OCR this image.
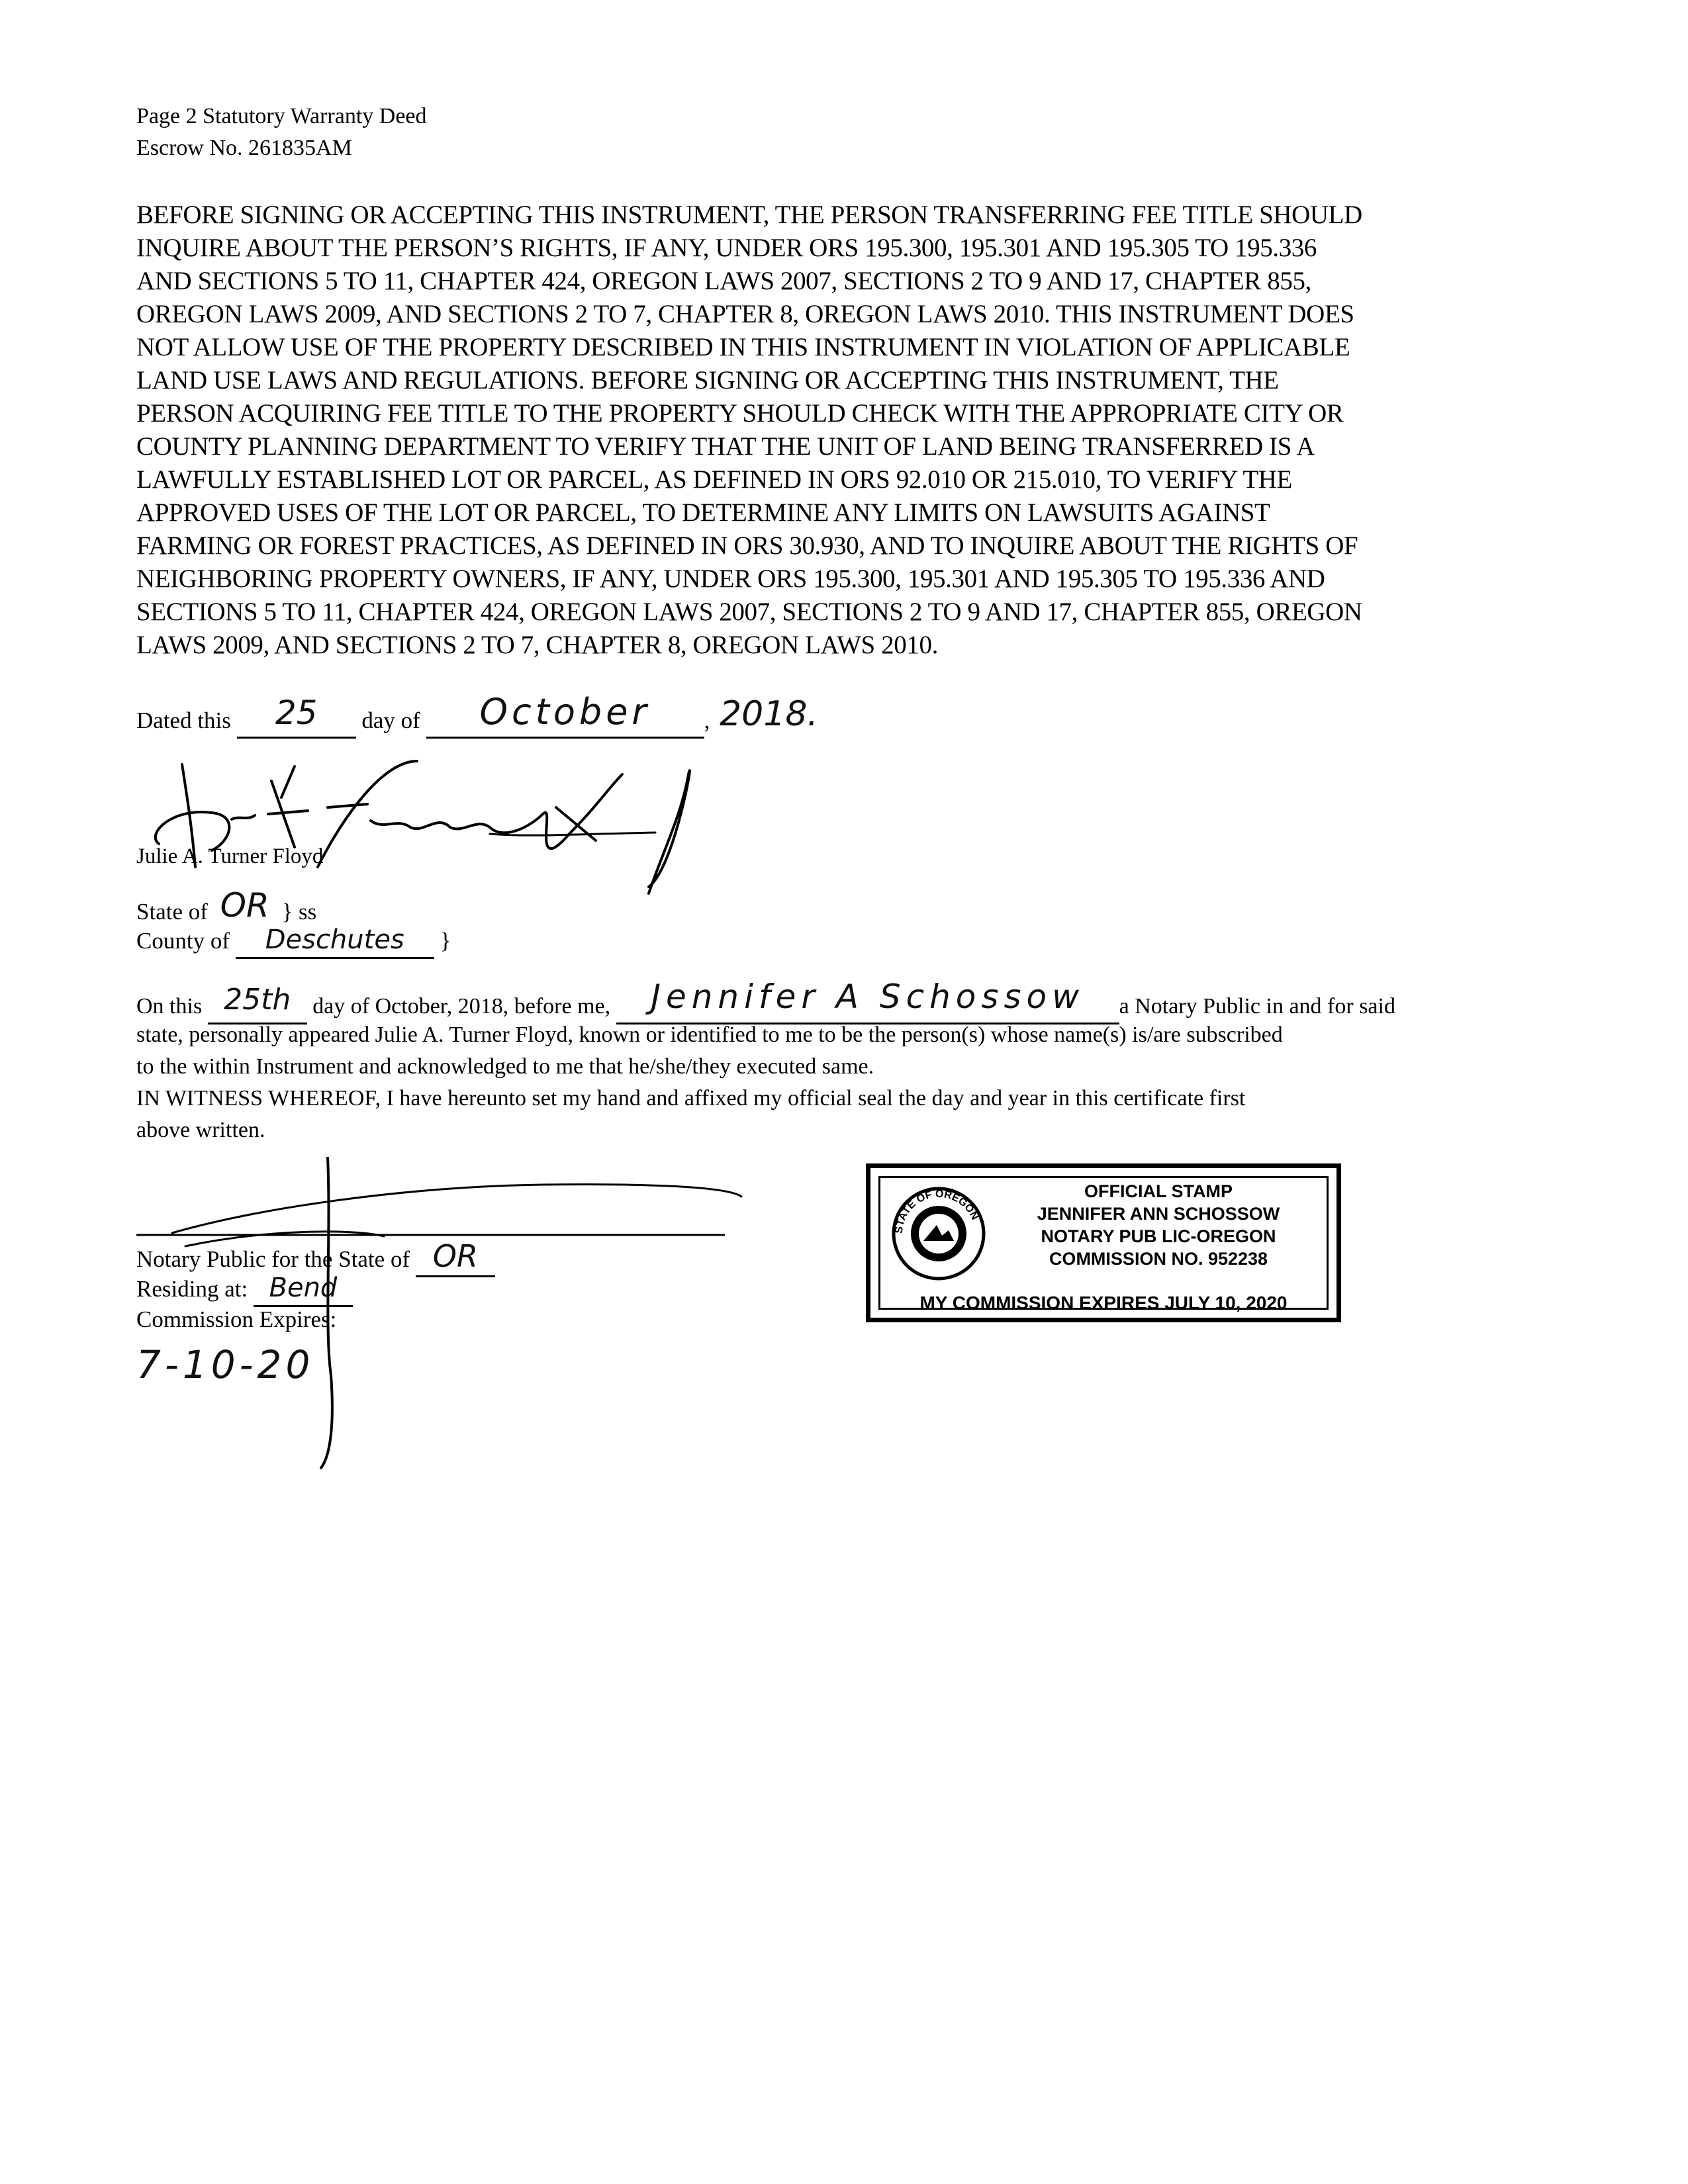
Page 2 Statutory Warranty Deed
Escrow No. 261835AM

BEFORE SIGNING OR ACCEPTING THIS INSTRUMENT, THE PERSON TRANSFERRING FEE TITLE SHOULD
INQUIRE ABOUT THE PERSON’S RIGHTS, IF ANY, UNDER ORS 195.300, 195.301 AND 195.305 TO 195.336
AND SECTIONS 5 TO 11, CHAPTER 424, OREGON LAWS 2007, SECTIONS 2 TO 9 AND 17, CHAPTER 855,
OREGON LAWS 2009, AND SECTIONS 2 TO 7, CHAPTER 8, OREGON LAWS 2010. THIS INSTRUMENT DOES
NOT ALLOW USE OF THE PROPERTY DESCRIBED IN THIS INSTRUMENT IN VIOLATION OF APPLICABLE
LAND USE LAWS AND REGULATIONS. BEFORE SIGNING OR ACCEPTING THIS INSTRUMENT, THE
PERSON ACQUIRING FEE TITLE TO THE PROPERTY SHOULD CHECK WITH THE APPROPRIATE CITY OR
COUNTY PLANNING DEPARTMENT TO VERIFY THAT THE UNIT OF LAND BEING TRANSFERRED IS A
LAWFULLY ESTABLISHED LOT OR PARCEL, AS DEFINED IN ORS 92.010 OR 215.010, TO VERIFY THE
APPROVED USES OF THE LOT OR PARCEL, TO DETERMINE ANY LIMITS ON LAWSUITS AGAINST
FARMING OR FOREST PRACTICES, AS DEFINED IN ORS 30.930, AND TO INQUIRE ABOUT THE RIGHTS OF
NEIGHBORING PROPERTY OWNERS, IF ANY, UNDER ORS 195.300, 195.301 AND 195.305 TO 195.336 AND
SECTIONS 5 TO 11, CHAPTER 424, OREGON LAWS 2007, SECTIONS 2 TO 9 AND 17, CHAPTER 855, OREGON
LAWS 2009, AND SECTIONS 2 TO 7, CHAPTER 8, OREGON LAWS 2010.

Dated this 25 day of October , 2018.
Julie A. Turner Floyd
State of OR } ss
County of Deschutes }
On this 25th day of October, 2018, before me, Jennifer A Schossow a Notary Public in and for said
state, personally appeared Julie A. Turner Floyd, known or identified to me to be the person(s) whose name(s) is/are subscribed
to the within Instrument and acknowledged to me that he/she/they executed same.
IN WITNESS WHEREOF, I have hereunto set my hand and affixed my official seal the day and year in this certificate first
above written.
Notary Public for the State of OR
Residing at: Bend
Commission Expires:
7-10-20
STATE OF OREGON
OFFICIAL STAMP
JENNIFER ANN SCHOSSOW
NOTARY PUB LIC-OREGON
COMMISSION NO. 952238
MY COMMISSION EXPIRES JULY 10, 2020
